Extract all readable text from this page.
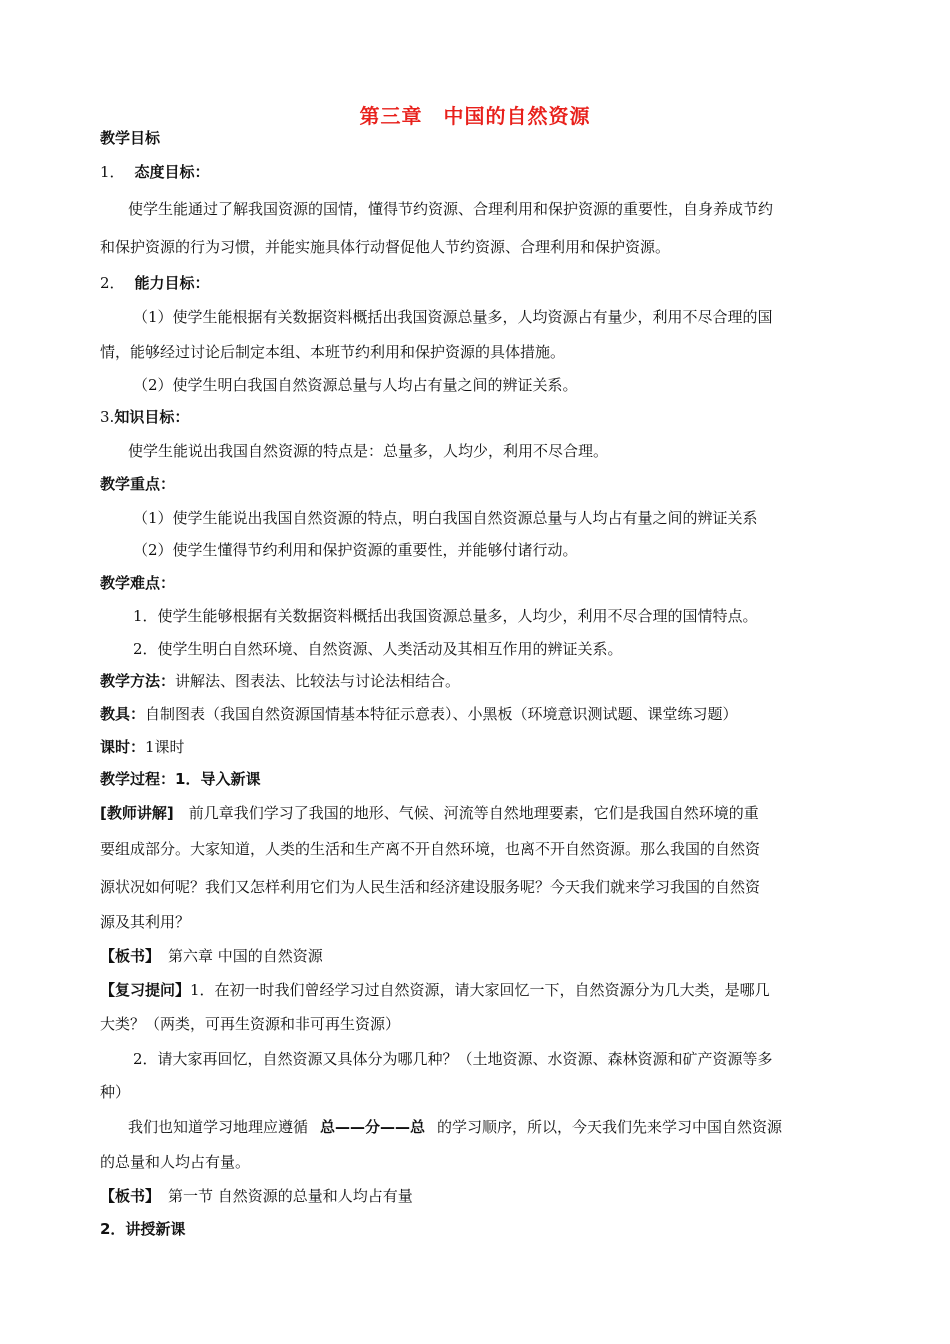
第三章　中国的自然资源
教学目标
1． 态度目标：
使学生能通过了解我国资源的国情，懂得节约资源、合理利用和保护资源的重要性，自身养成节约
和保护资源的行为习惯，并能实施具体行动督促他人节约资源、合理利用和保护资源。
2． 能力目标：
（1）使学生能根据有关数据资料概括出我国资源总量多，人均资源占有量少，利用不尽合理的国
情，能够经过讨论后制定本组、本班节约利用和保护资源的具体措施。
（2）使学生明白我国自然资源总量与人均占有量之间的辨证关系。
3.知识目标：
使学生能说出我国自然资源的特点是：总量多，人均少，利用不尽合理。
教学重点：
（1）使学生能说出我国自然资源的特点，明白我国自然资源总量与人均占有量之间的辨证关系
（2）使学生懂得节约利用和保护资源的重要性，并能够付诸行动。
教学难点：
1．使学生能够根据有关数据资料概括出我国资源总量多，人均少，利用不尽合理的国情特点。
2．使学生明白自然环境、自然资源、人类活动及其相互作用的辨证关系。
教学方法：讲解法、图表法、比较法与讨论法相结合。
教具：自制图表（我国自然资源国情基本特征示意表）、小黑板（环境意识测试题、课堂练习题）
课时：1课时
教学过程：1．导入新课
[教师讲解]　前几章我们学习了我国的地形、气候、河流等自然地理要素，它们是我国自然环境的重
要组成部分。大家知道，人类的生活和生产离不开自然环境，也离不开自然资源。那么我国的自然资
源状况如何呢？我们又怎样利用它们为人民生活和经济建设服务呢？今天我们就来学习我国的自然资
源及其利用？
【板书】 第六章 中国的自然资源
【复习提问】1．在初一时我们曾经学习过自然资源，请大家回忆一下，自然资源分为几大类，是哪几
大类？（两类，可再生资源和非可再生资源）
2．请大家再回忆，自然资源又具体分为哪几种？（土地资源、水资源、森林资源和矿产资源等多
种）
我们也知道学习地理应遵循 总——分——总 的学习顺序，所以，今天我们先来学习中国自然资源
的总量和人均占有量。
【板书】 第一节 自然资源的总量和人均占有量
2．讲授新课
